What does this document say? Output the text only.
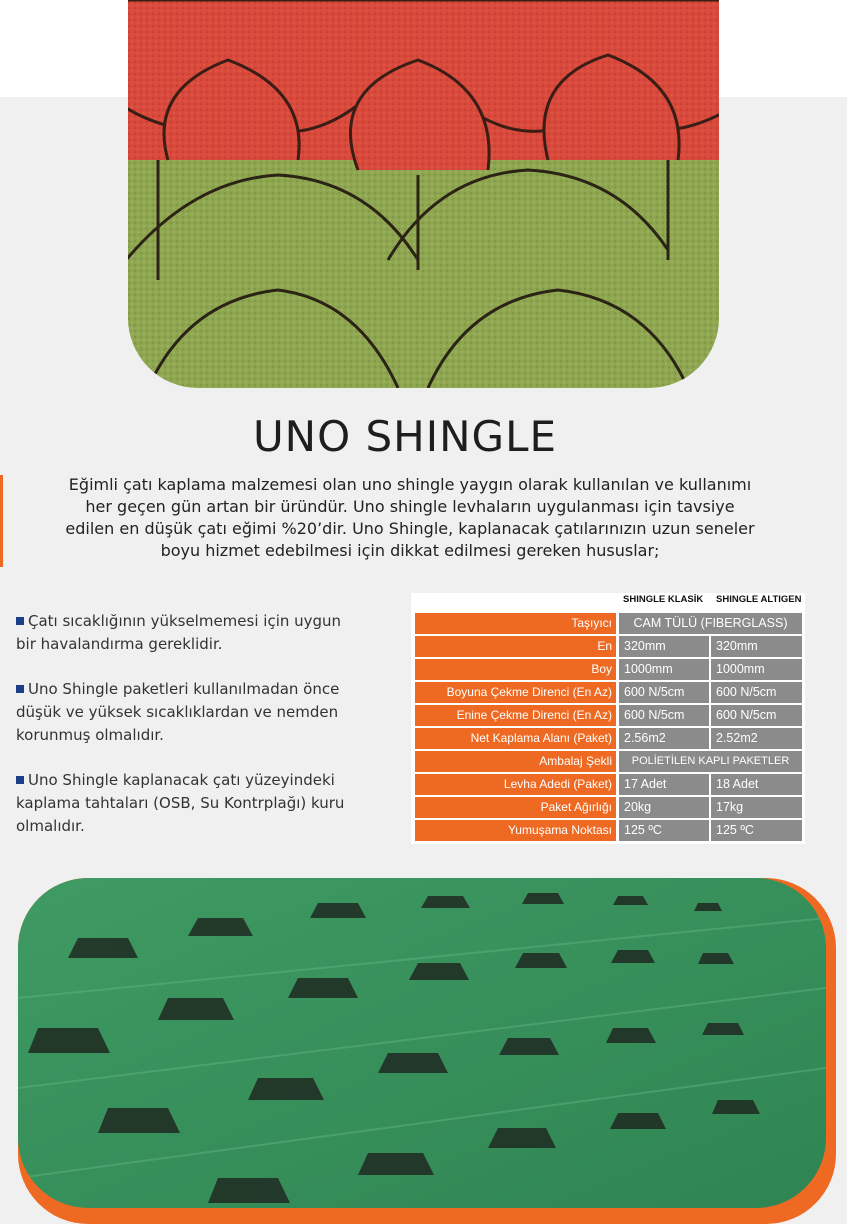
UNO SHINGLE

Eğimli çatı kaplama malzemesi olan uno shingle yaygın olarak kullanılan ve kullanımı her geçen gün artan bir üründür. Uno shingle levhaların uygulanması için tavsiye edilen en düşük çatı eğimi %20’dir. Uno Shingle, kaplanacak çatılarınızın uzun seneler boyu hizmet edebilmesi için dikkat edilmesi gereken hususlar;

Çatı sıcaklığının yükselmemesi için uygun bir havalandırma gereklidir.

Uno Shingle paketleri kullanılmadan önce düşük ve yüksek sıcaklıklardan ve nemden korunmuş olmalıdır.

Uno Shingle kaplanacak çatı yüzeyindeki kaplama tahtaları (OSB, Su Kontrplağı) kuru olmalıdır.

SHINGLE KLASİK SHINGLE ALTIGEN
Taşıyıcı	CAM TÜLÜ (FIBERGLASS)
En 320mm	320mm
Boy 1000mm	1000mm
Boyuna Çekme Direnci (En Az) 600 N/5cm	600 N/5cm
Enine Çekme Direnci (En Az) 600 N/5cm	600 N/5cm
Net Kaplama Alanı (Paket) 2.56m2	2.52m2
Ambalaj Şekli	POLİETİLEN KAPLI PAKETLER
Levha Adedi (Paket) 17 Adet	18 Adet
Paket Ağırlığı 20kg	17kg
Yumuşama Noktası 125 ºC	125 ºC
